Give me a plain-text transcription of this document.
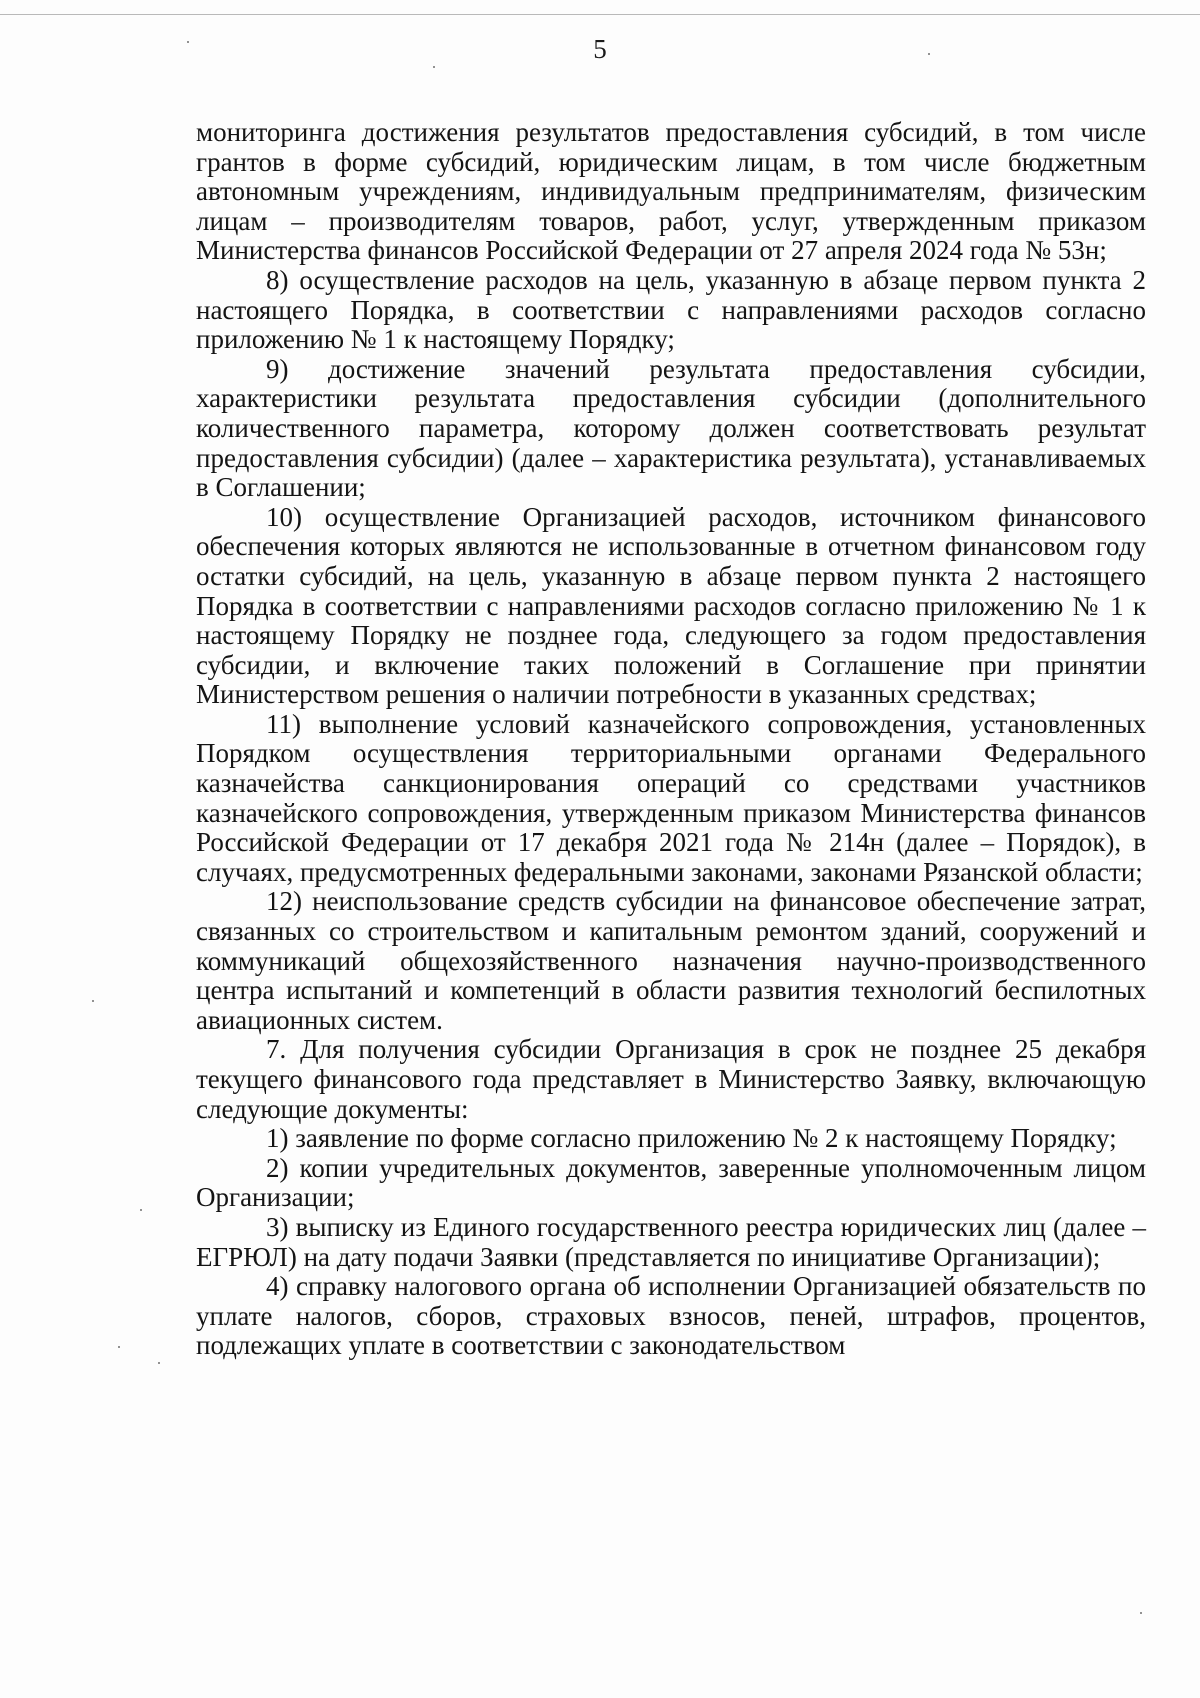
5

мониторинга достижения результатов предоставления субсидий, в том числе грантов в форме субсидий, юридическим лицам, в том числе бюджетным автономным учреждениям, индивидуальным предпринимателям, физическим лицам – производителям товаров, работ, услуг, утвержденным приказом Министерства финансов Российской Федерации от 27 апреля 2024 года № 53н;

8) осуществление расходов на цель, указанную в абзаце первом пункта 2 настоящего Порядка, в соответствии с направлениями расходов согласно приложению № 1 к настоящему Порядку;

9) достижение значений результата предоставления субсидии, характеристики результата предоставления субсидии (дополнительного количественного параметра, которому должен соответствовать результат предоставления субсидии) (далее – характеристика результата), устанавливаемых в Соглашении;

10) осуществление Организацией расходов, источником финансового обеспечения которых являются не использованные в отчетном финансовом году остатки субсидий, на цель, указанную в абзаце первом пункта 2 настоящего Порядка в соответствии с направлениями расходов согласно приложению № 1 к настоящему Порядку не позднее года, следующего за годом предоставления субсидии, и включение таких положений в Соглашение при принятии Министерством решения о наличии потребности в указанных средствах;

11) выполнение условий казначейского сопровождения, установленных Порядком осуществления территориальными органами Федерального казначейства санкционирования операций со средствами участников казначейского сопровождения, утвержденным приказом Министерства финансов Российской Федерации от 17 декабря 2021 года № 214н (далее – Порядок), в случаях, предусмотренных федеральными законами, законами Рязанской области;

12) неиспользование средств субсидии на финансовое обеспечение затрат, связанных со строительством и капитальным ремонтом зданий, сооружений и коммуникаций общехозяйственного назначения научно-производственного центра испытаний и компетенций в области развития технологий беспилотных авиационных систем.

7. Для получения субсидии Организация в срок не позднее 25 декабря текущего финансового года представляет в Министерство Заявку, включающую следующие документы:

1) заявление по форме согласно приложению № 2 к настоящему Порядку;

2) копии учредительных документов, заверенные уполномоченным лицом Организации;

3) выписку из Единого государственного реестра юридических лиц (далее – ЕГРЮЛ) на дату подачи Заявки (представляется по инициативе Организации);

4) справку налогового органа об исполнении Организацией обязательств по уплате налогов, сборов, страховых взносов, пеней, штрафов, процентов, подлежащих уплате в соответствии с законодательством
